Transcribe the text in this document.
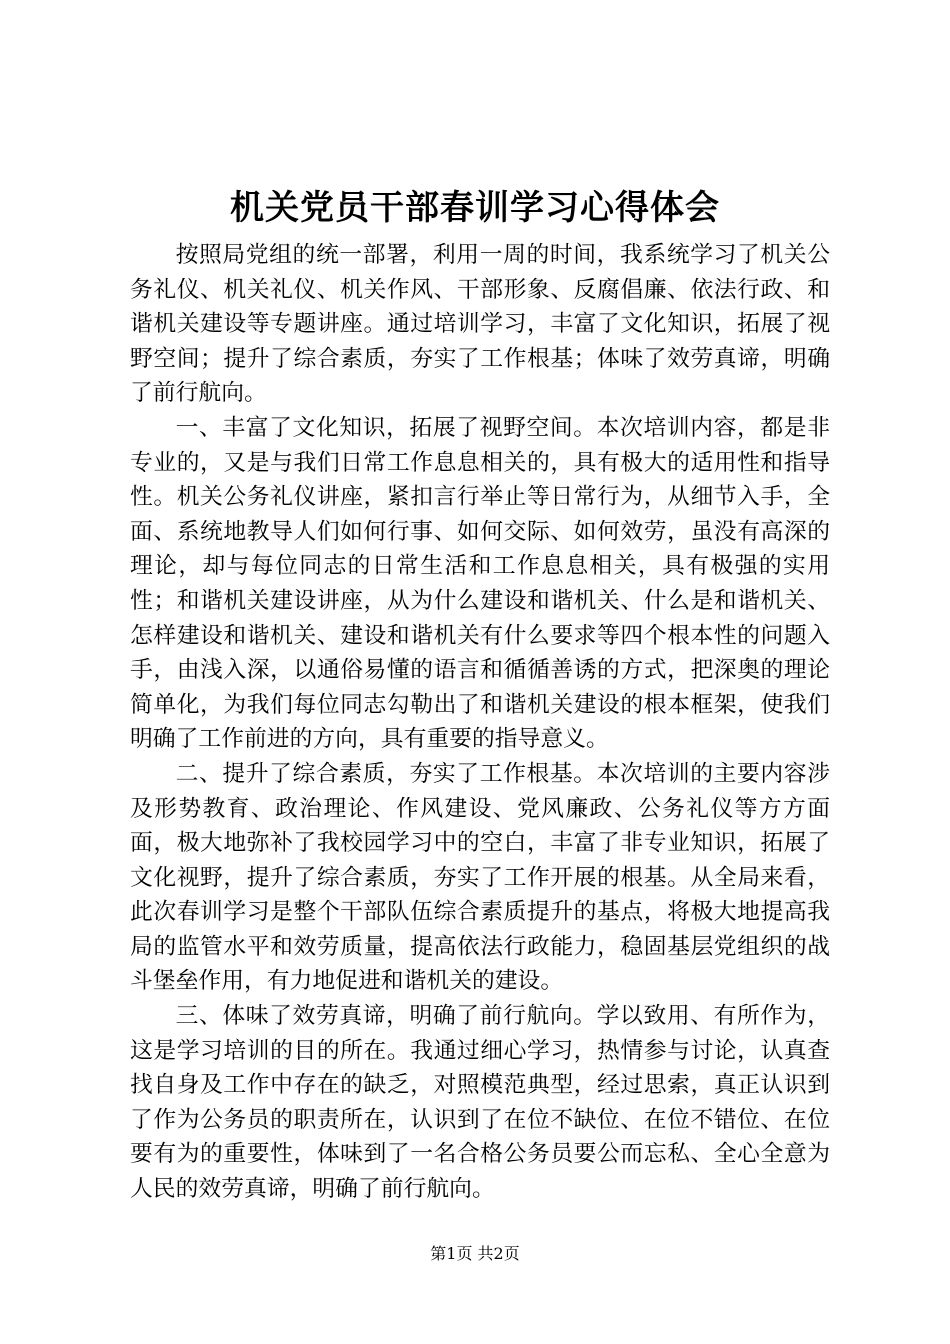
机关党员干部春训学习心得体会

按照局党组的统一部署，利用一周的时间，我系统学习了机关公务礼仪、机关礼仪、机关作风、干部形象、反腐倡廉、依法行政、和谐机关建设等专题讲座。通过培训学习，丰富了文化知识，拓展了视野空间；提升了综合素质，夯实了工作根基；体味了效劳真谛，明确了前行航向。

一、丰富了文化知识，拓展了视野空间。本次培训内容，都是非专业的，又是与我们日常工作息息相关的，具有极大的适用性和指导性。机关公务礼仪讲座，紧扣言行举止等日常行为，从细节入手，全面、系统地教导人们如何行事、如何交际、如何效劳，虽没有高深的理论，却与每位同志的日常生活和工作息息相关，具有极强的实用性；和谐机关建设讲座，从为什么建设和谐机关、什么是和谐机关、怎样建设和谐机关、建设和谐机关有什么要求等四个根本性的问题入手，由浅入深，以通俗易懂的语言和循循善诱的方式，把深奥的理论简单化，为我们每位同志勾勒出了和谐机关建设的根本框架，使我们明确了工作前进的方向，具有重要的指导意义。

二、提升了综合素质，夯实了工作根基。本次培训的主要内容涉及形势教育、政治理论、作风建设、党风廉政、公务礼仪等方方面面，极大地弥补了我校园学习中的空白，丰富了非专业知识，拓展了文化视野，提升了综合素质，夯实了工作开展的根基。从全局来看，此次春训学习是整个干部队伍综合素质提升的基点，将极大地提高我局的监管水平和效劳质量，提高依法行政能力，稳固基层党组织的战斗堡垒作用，有力地促进和谐机关的建设。

三、体味了效劳真谛，明确了前行航向。学以致用、有所作为，这是学习培训的目的所在。我通过细心学习，热情参与讨论，认真查找自身及工作中存在的缺乏，对照模范典型，经过思索，真正认识到了作为公务员的职责所在，认识到了在位不缺位、在位不错位、在位要有为的重要性，体味到了一名合格公务员要公而忘私、全心全意为人民的效劳真谛，明确了前行航向。

第1页 共2页
